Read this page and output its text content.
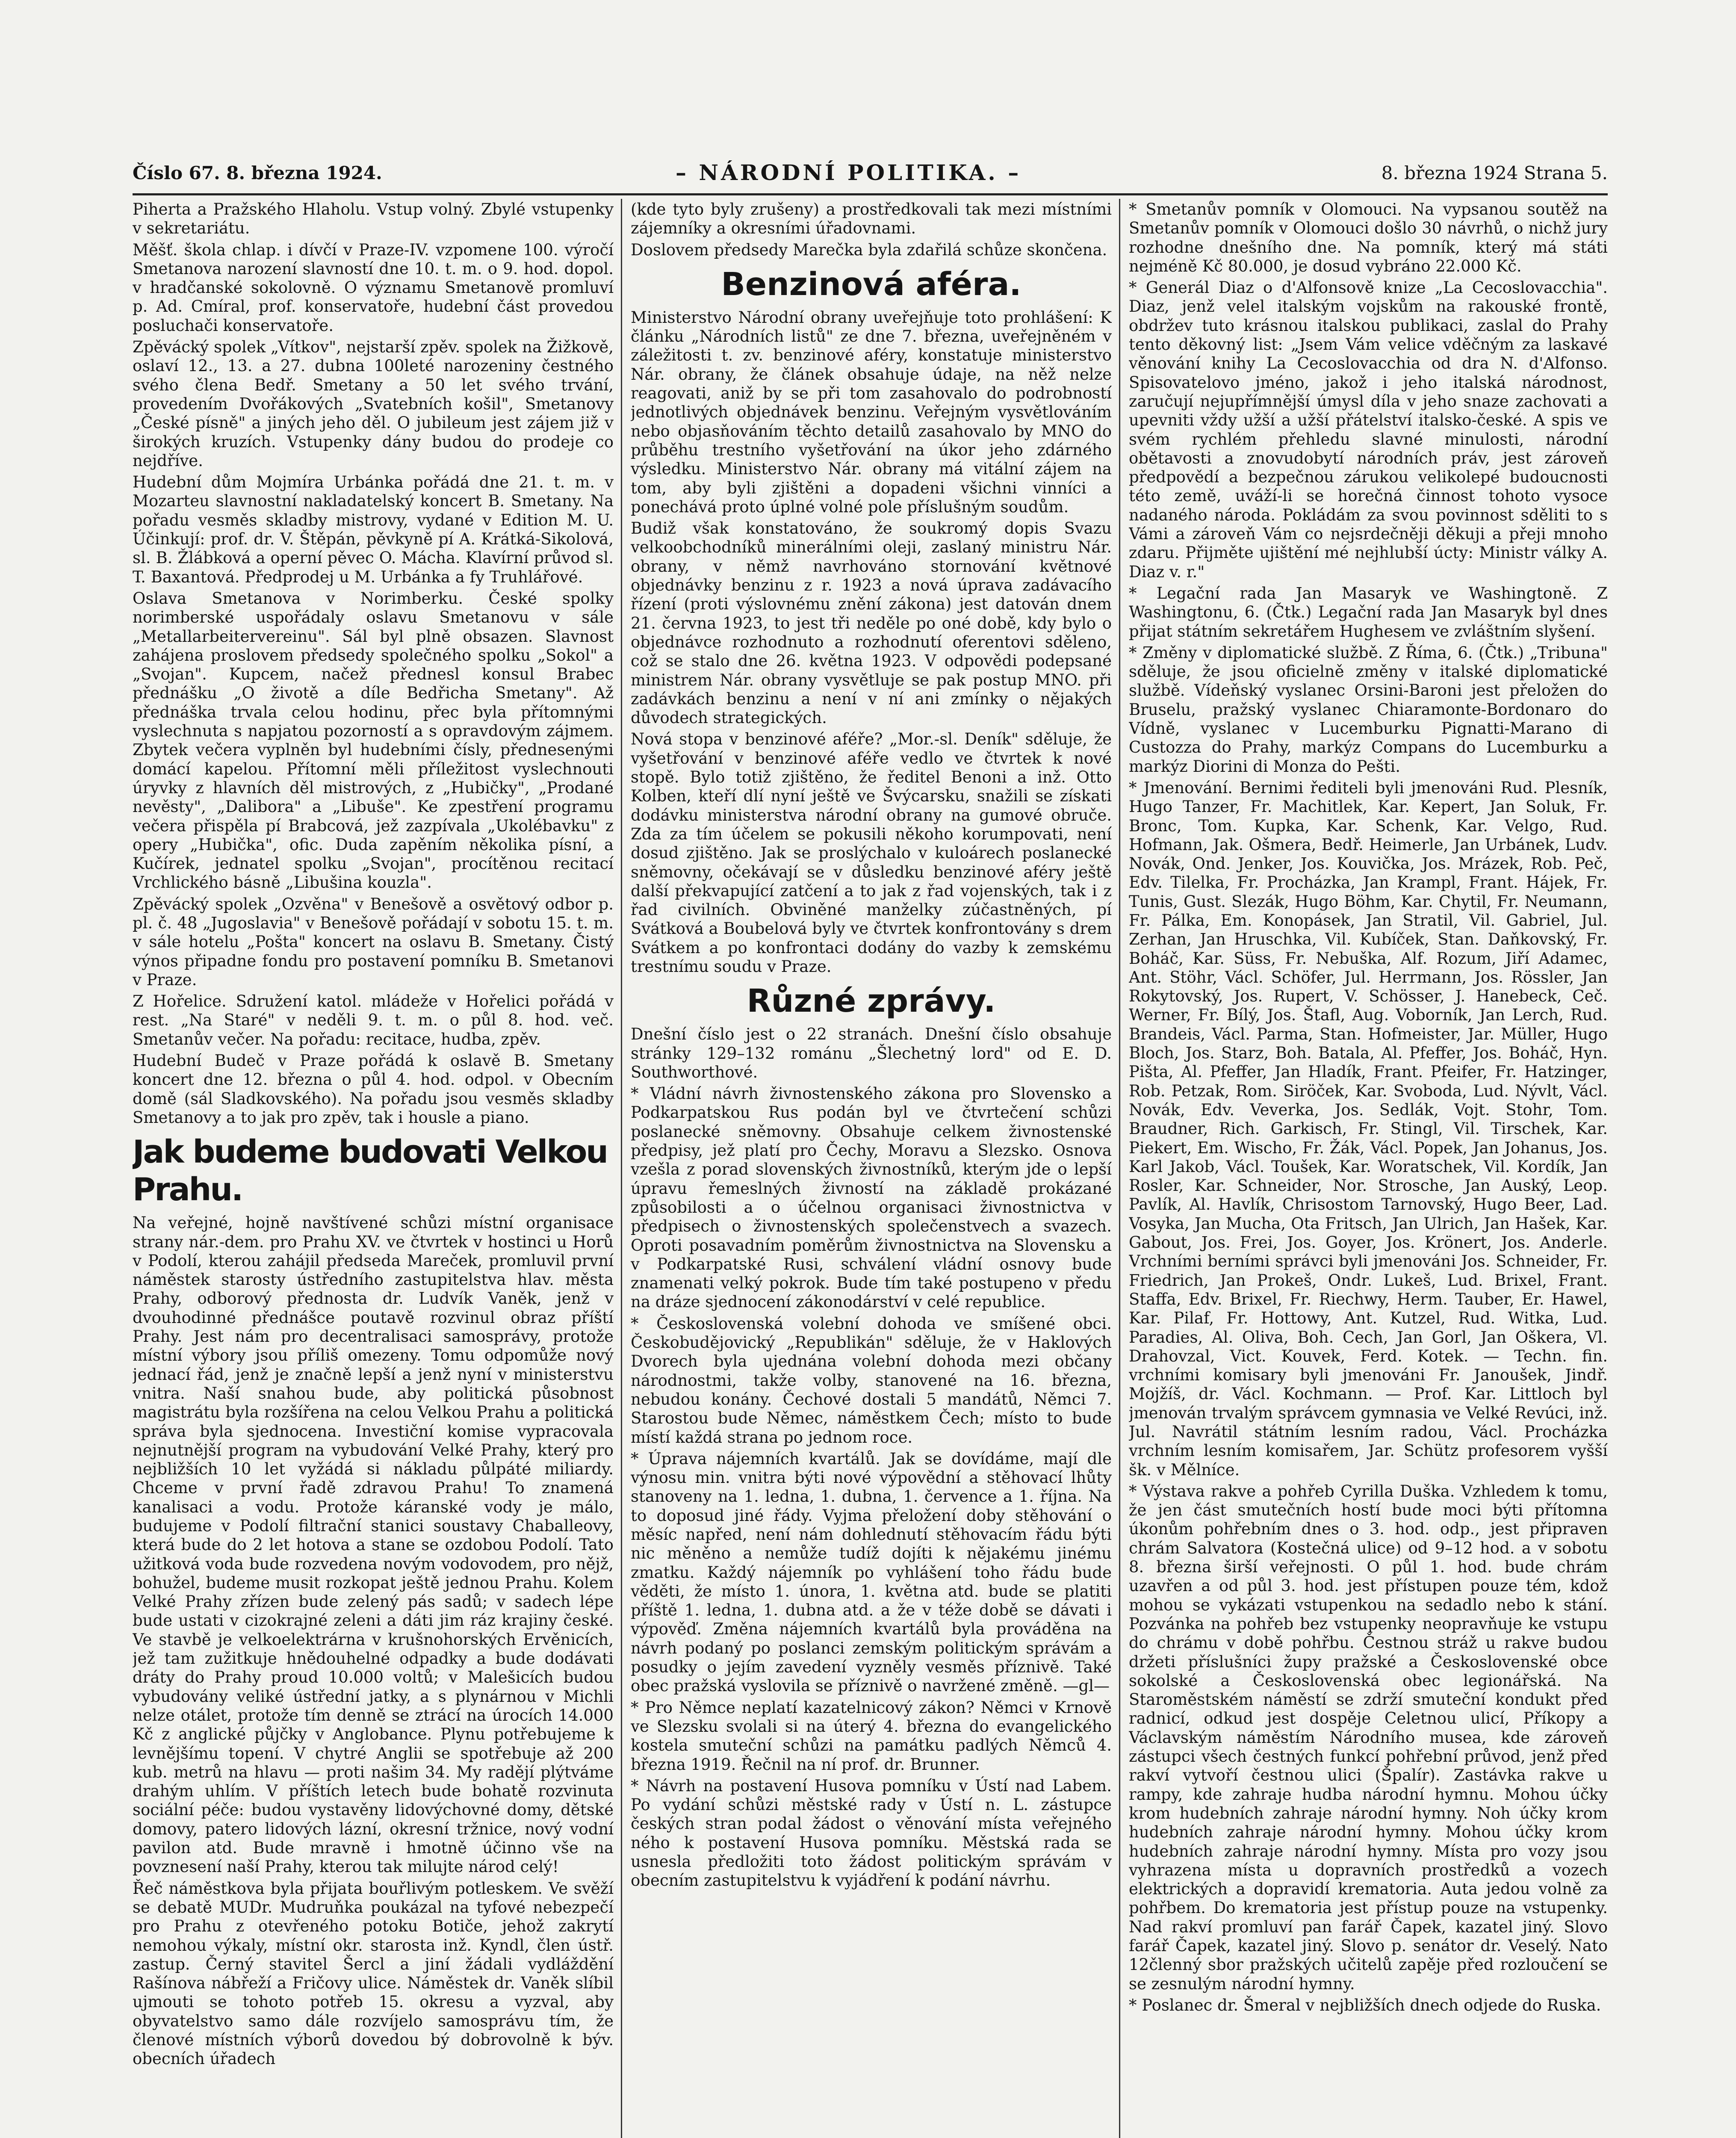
Číslo 67. 8. března 1924.	– NÁRODNÍ POLITIKA. –	8. března 1924 Strana 5.

Piherta a Pražského Hlaholu. Vstup volný. Zbylé vstupenky v sekretariátu.

Měšť. škola chlap. i dívčí v Praze-IV. vzpomene 100. výročí Smetanova narození slavností dne 10. t. m. o 9. hod. dopol. v hradčanské sokolovně. O významu Smetanově promluví p. Ad. Cmíral, prof. konservatoře, hudební část provedou posluchači konservatoře.

Zpěvácký spolek „Vítkov", nejstarší zpěv. spolek na Žižkově, oslaví 12., 13. a 27. dubna 100leté narozeniny čestného svého člena Bedř. Smetany a 50 let svého trvání, provedením Dvořákových „Svatebních košil", Smetanovy „České písně" a jiných jeho děl. O jubileum jest zájem již v širokých kruzích. Vstupenky dány budou do prodeje co nejdříve.

Hudební dům Mojmíra Urbánka pořádá dne 21. t. m. v Mozarteu slavnostní nakladatelský koncert B. Smetany. Na pořadu vesměs skladby mistrovy, vydané v Edition M. U. Účinkují: prof. dr. V. Štěpán, pěvkyně pí A. Krátká-Sikolová, sl. B. Žlábková a operní pěvec O. Mácha. Klavírní průvod sl. T. Baxantová. Předprodej u M. Urbánka a fy Truhlářové.

Oslava Smetanova v Norimberku. České spolky norimberské uspořádaly oslavu Smetanovu v sále „Metallarbeitervereinu". Sál byl plně obsazen. Slavnost zahájena proslovem předsedy společného spolku „Sokol" a „Svojan". Kupcem, načež přednesl konsul Brabec přednášku „O životě a díle Bedřicha Smetany". Až přednáška trvala celou hodinu, přec byla přítomnými vyslechnuta s napjatou pozorností a s opravdovým zájmem. Zbytek večera vyplněn byl hudebními čísly, přednesenými domácí kapelou. Přítomní měli příležitost vyslechnouti úryvky z hlavních děl mistrových, z „Hubičky", „Prodané nevěsty", „Dalibora" a „Libuše". Ke zpestření programu večera přispěla pí Brabcová, jež zazpívala „Ukolébavku" z opery „Hubička", ofic. Duda zapěním několika písní, a Kučírek, jednatel spolku „Svojan", procítěnou recitací Vrchlického básně „Libušina kouzla".

Zpěvácký spolek „Ozvěna" v Benešově a osvětový odbor p. pl. č. 48 „Jugoslavia" v Benešově pořádají v sobotu 15. t. m. v sále hotelu „Pošta" koncert na oslavu B. Smetany. Čistý výnos připadne fondu pro postavení pomníku B. Smetanovi v Praze.

Z Hořelice. Sdružení katol. mládeže v Hořelici pořádá v rest. „Na Staré" v neděli 9. t. m. o půl 8. hod. več. Smetanův večer. Na pořadu: recitace, hudba, zpěv.

Hudební Budeč v Praze pořádá k oslavě B. Smetany koncert dne 12. března o půl 4. hod. odpol. v Obecním domě (sál Sladkovského). Na pořadu jsou vesměs skladby Smetanovy a to jak pro zpěv, tak i housle a piano.

Jak budeme budovati Velkou Prahu.

Na veřejné, hojně navštívené schůzi místní organisace strany nár.-dem. pro Prahu XV. ve čtvrtek v hostinci u Horů v Podolí, kterou zahájil předseda Mareček, promluvil první náměstek starosty ústředního zastupitelstva hlav. města Prahy, odborový přednosta dr. Ludvík Vaněk, jenž v dvouhodinné přednášce poutavě rozvinul obraz příští Prahy. Jest nám pro decentralisaci samosprávy, protože místní výbory jsou příliš omezeny. Tomu odpomůže nový jednací řád, jenž je značně lepší a jenž nyní v ministerstvu vnitra. Naší snahou bude, aby politická působnost magistrátu byla rozšířena na celou Velkou Prahu a politická správa byla sjednocena. Investiční komise vypracovala nejnutnější program na vybudování Velké Prahy, který pro nejbližších 10 let vyžádá si nákladu půlpáté miliardy. Chceme v první řadě zdravou Prahu! To znamená kanalisaci a vodu. Protože káranské vody je málo, budujeme v Podolí filtrační stanici soustavy Chaballeovy, která bude do 2 let hotova a stane se ozdobou Podolí. Tato užitková voda bude rozvedena novým vodovodem, pro nějž, bohužel, budeme musit rozkopat ještě jednou Prahu. Kolem Velké Prahy zřízen bude zelený pás sadů; v sadech lépe bude ustati v cizokrajné zeleni a dáti jim ráz krajiny české. Ve stavbě je velkoelektrárna v krušnohorských Ervěnicích, jež tam zužitkuje hnědouhelné odpadky a bude dodávati dráty do Prahy proud 10.000 voltů; v Malešicích budou vybudovány veliké ústřední jatky, a s plynárnou v Michli nelze otálet, protože tím denně se ztrácí na úrocích 14.000 Kč z anglické půjčky v Anglobance. Plynu potřebujeme k levnějšímu topení. V chytré Anglii se spotřebuje až 200 kub. metrů na hlavu — proti našim 34. My radějí plýtváme drahým uhlím. V příštích letech bude bohatě rozvinuta sociální péče: budou vystavěny lidovýchovné domy, dětské domovy, patero lidových lázní, okresní tržnice, nový vodní pavilon atd. Bude mravně i hmotně účinno vše na povznesení naší Prahy, kterou tak milujte národ celý!

Řeč náměstkova byla přijata bouřlivým potleskem. Ve svěží se debatě MUDr. Mudruňka poukázal na tyfové nebezpečí pro Prahu z otevřeného potoku Botiče, jehož zakrytí nemohou výkaly, místní okr. starosta inž. Kyndl, člen ústř. zastup. Černý stavitel Šercl a jiní žádali vydláždění Rašínova nábřeží a Fričovy ulice. Náměstek dr. Vaněk slíbil ujmouti se tohoto potřeb 15. okresu a vyzval, aby obyvatelstvo samo dále rozvíjelo samosprávu tím, že členové místních výborů dovedou bý dobrovolně k býv. obecních úřadech

(kde tyto byly zrušeny) a prostředkovali tak mezi místními zájemníky a okresními úřadovnami.

Doslovem předsedy Marečka byla zdařilá schůze skončena.

Benzinová aféra.

Ministerstvo Národní obrany uveřejňuje toto prohlášení: K článku „Národních listů" ze dne 7. března, uveřejněném v záležitosti t. zv. benzinové aféry, konstatuje ministerstvo Nár. obrany, že článek obsahuje údaje, na něž nelze reagovati, aniž by se při tom zasahovalo do podrobností jednotlivých objednávek benzinu. Veřejným vysvětlováním nebo objasňováním těchto detailů zasahovalo by MNO do průběhu trestního vyšetřování na úkor jeho zdárného výsledku. Ministerstvo Nár. obrany má vitální zájem na tom, aby byli zjištěni a dopadeni všichni vinníci a ponechává proto úplné volné pole příslušným soudům.

Budiž však konstatováno, že soukromý dopis Svazu velkoobchodníků minerálními oleji, zaslaný ministru Nár. obrany, v němž navrhováno stornování květnové objednávky benzinu z r. 1923 a nová úprava zadávacího řízení (proti výslovnému znění zákona) jest datován dnem 21. června 1923, to jest tři neděle po oné době, kdy bylo o objednávce rozhodnuto a rozhodnutí oferentovi sděleno, což se stalo dne 26. května 1923. V odpovědi podepsané ministrem Nár. obrany vysvětluje se pak postup MNO. při zadávkách benzinu a není v ní ani zmínky o nějakých důvodech strategických.

Nová stopa v benzinové aféře? „Mor.-sl. Deník" sděluje, že vyšetřování v benzinové aféře vedlo ve čtvrtek k nové stopě. Bylo totiž zjištěno, že ředitel Benoni a inž. Otto Kolben, kteří dlí nyní ještě ve Švýcarsku, snažili se získati dodávku ministerstva národní obrany na gumové obruče. Zda za tím účelem se pokusili někoho korumpovati, není dosud zjištěno. Jak se proslýchalo v kuloárech poslanecké sněmovny, očekávají se v důsledku benzinové aféry ještě další překvapující zatčení a to jak z řad vojenských, tak i z řad civilních. Obviněné manželky zúčastněných, pí Svátková a Boubelová byly ve čtvrtek konfrontovány s drem Svátkem a po konfrontaci dodány do vazby k zemskému trestnímu soudu v Praze.

Různé zprávy.

Dnešní číslo jest o 22 stranách. Dnešní číslo obsahuje stránky 129–132 románu „Šlechetný lord" od E. D. Southworthové.

* Vládní návrh živnostenského zákona pro Slovensko a Podkarpatskou Rus podán byl ve čtvrtečení schůzi poslanecké sněmovny. Obsahuje celkem živnostenské předpisy, jež platí pro Čechy, Moravu a Slezsko. Osnova vzešla z porad slovenských živnostníků, kterým jde o lepší úpravu řemeslných živností na základě prokázané způsobilosti a o účelnou organisaci živnostnictva v předpisech o živnostenských společenstvech a svazech. Oproti posavadním poměrům živnostnictva na Slovensku a v Podkarpatské Rusi, schválení vládní osnovy bude znamenati velký pokrok. Bude tím také postupeno v předu na dráze sjednocení zákonodárství v celé republice.

* Československá volební dohoda ve smíšené obci. Českobudějovický „Republikán" sděluje, že v Haklových Dvorech byla ujednána volební dohoda mezi občany národnostmi, takže volby, stanovené na 16. března, nebudou konány. Čechové dostali 5 mandátů, Němci 7. Starostou bude Němec, náměstkem Čech; místo to bude místí každá strana po jednom roce.

* Úprava nájemních kvartálů. Jak se dovídáme, mají dle výnosu min. vnitra býti nové výpovědní a stěhovací lhůty stanoveny na 1. ledna, 1. dubna, 1. července a 1. října. Na to doposud jiné řády. Vyjma přeložení doby stěhování o měsíc napřed, není nám dohlednutí stěhovacím řádu býti nic měněno a nemůže tudíž dojíti k nějakému jinému zmatku. Každý nájemník po vyhlášení toho řádu bude věděti, že místo 1. února, 1. května atd. bude se platiti příště 1. ledna, 1. dubna atd. a že v téže době se dávati i výpověď. Změna nájemních kvartálů byla prováděna na návrh podaný po poslanci zemským politickým správám a posudky o jejím zavedení vyzněly vesměs příznivě. Také obec pražská vyslovila se příznivě o navržené změně. —gl—

* Pro Němce neplatí kazatelnicový zákon? Němci v Krnově ve Slezsku svolali si na úterý 4. března do evangelického kostela smuteční schůzi na památku padlých Němců 4. března 1919. Řečnil na ní prof. dr. Brunner.

* Návrh na postavení Husova pomníku v Ústí nad Labem. Po vydání schůzi městské rady v Ústí n. L. zástupce českých stran podal žádost o věnování místa veřejného ného k postavení Husova pomníku. Městská rada se usnesla předložiti toto žádost politickým správám v obecním zastupitelstvu k vyjádření k podání návrhu.

* Smetanův pomník v Olomouci. Na vypsanou soutěž na Smetanův pomník v Olomouci došlo 30 návrhů, o nichž jury rozhodne dnešního dne. Na pomník, který má státi nejméně Kč 80.000, je dosud vybráno 22.000 Kč.

* Generál Diaz o d'Alfonsově knize „La Cecoslovacchia". Diaz, jenž velel italským vojskům na rakouské frontě, obdržev tuto krásnou italskou publikaci, zaslal do Prahy tento děkovný list: „Jsem Vám velice vděčným za laskavé věnování knihy La Cecoslovacchia od dra N. d'Alfonso. Spisovatelovo jméno, jakož i jeho italská národnost, zaručují nejupřímnější úmysl díla v jeho snaze zachovati a upevniti vždy užší a užší přátelství italsko-české. A spis ve svém rychlém přehledu slavné minulosti, národní obětavosti a znovudobytí národních práv, jest zároveň předpovědí a bezpečnou zárukou velikolepé budoucnosti této země, uváží-li se horečná činnost tohoto vysoce nadaného národa. Pokládám za svou povinnost sděliti to s Vámi a zároveň Vám co nejsrdečněji děkuji a přeji mnoho zdaru. Přijměte ujištění mé nejhlubší úcty: Ministr války A. Diaz v. r."

* Legační rada Jan Masaryk ve Washingtoně. Z Washingtonu, 6. (Čtk.) Legační rada Jan Masaryk byl dnes přijat státním sekretářem Hughesem ve zvláštním slyšení.

* Změny v diplomatické službě. Z Říma, 6. (Čtk.) „Tribuna" sděluje, že jsou oficielně změny v italské diplomatické službě. Vídeňský vyslanec Orsini-Baroni jest přeložen do Bruselu, pražský vyslanec Chiaramonte-Bordonaro do Vídně, vyslanec v Lucemburku Pignatti-Marano di Custozza do Prahy, markýz Compans do Lucemburku a markýz Diorini di Monza do Pešti.

* Jmenování. Bernimi řediteli byli jmenováni Rud. Plesník, Hugo Tanzer, Fr. Machitlek, Kar. Kepert, Jan Soluk, Fr. Bronc, Tom. Kupka, Kar. Schenk, Kar. Velgo, Rud. Hofmann, Jak. Ošmera, Bedř. Heimerle, Jan Urbánek, Ludv. Novák, Ond. Jenker, Jos. Kouvička, Jos. Mrázek, Rob. Peč, Edv. Tilelka, Fr. Procházka, Jan Krampl, Frant. Hájek, Fr. Tunis, Gust. Slezák, Hugo Böhm, Kar. Chytil, Fr. Neumann, Fr. Pálka, Em. Konopásek, Jan Stratil, Vil. Gabriel, Jul. Zerhan, Jan Hruschka, Vil. Kubíček, Stan. Daňkovský, Fr. Boháč, Kar. Süss, Fr. Nebuška, Alf. Rozum, Jiří Adamec, Ant. Stöhr, Václ. Schöfer, Jul. Herrmann, Jos. Rössler, Jan Rokytovský, Jos. Rupert, V. Schösser, J. Hanebeck, Ceč. Werner, Fr. Bílý, Jos. Štafl, Aug. Voborník, Jan Lerch, Rud. Brandeis, Václ. Parma, Stan. Hofmeister, Jar. Müller, Hugo Bloch, Jos. Starz, Boh. Batala, Al. Pfeffer, Jos. Boháč, Hyn. Pišta, Al. Pfeffer, Jan Hladík, Frant. Pfeifer, Fr. Hatzinger, Rob. Petzak, Rom. Siröček, Kar. Svoboda, Lud. Nývlt, Václ. Novák, Edv. Veverka, Jos. Sedlák, Vojt. Stohr, Tom. Braudner, Rich. Garkisch, Fr. Stingl, Vil. Tirschek, Kar. Piekert, Em. Wischo, Fr. Žák, Václ. Popek, Jan Johanus, Jos. Karl Jakob, Václ. Toušek, Kar. Woratschek, Vil. Kordík, Jan Rosler, Kar. Schneider, Nor. Strosche, Jan Auský, Leop. Pavlík, Al. Havlík, Chrisostom Tarnovský, Hugo Beer, Lad. Vosyka, Jan Mucha, Ota Fritsch, Jan Ulrich, Jan Hašek, Kar. Gabout, Jos. Frei, Jos. Goyer, Jos. Krönert, Jos. Anderle. Vrchními berními správci byli jmenováni Jos. Schneider, Fr. Friedrich, Jan Prokeš, Ondr. Lukeš, Lud. Brixel, Frant. Staffa, Edv. Brixel, Fr. Riechwy, Herm. Tauber, Er. Hawel, Kar. Pilaf, Fr. Hottowy, Ant. Kutzel, Rud. Witka, Lud. Paradies, Al. Oliva, Boh. Cech, Jan Gorl, Jan Oškera, Vl. Drahovzal, Vict. Kouvek, Ferd. Kotek. — Techn. fin. vrchními komisary byli jmenováni Fr. Janoušek, Jindř. Mojžíš, dr. Václ. Kochmann. — Prof. Kar. Littloch byl jmenován trvalým správcem gymnasia ve Velké Revúci, inž. Jul. Navrátil státním lesním radou, Václ. Procházka vrchním lesním komisařem, Jar. Schütz profesorem vyšší šk. v Mělníce.

* Výstava rakve a pohřeb Cyrilla Duška. Vzhledem k tomu, že jen část smutečních hostí bude moci býti přítomna úkonům pohřebním dnes o 3. hod. odp., jest připraven chrám Salvatora (Kostečná ulice) od 9–12 hod. a v sobotu 8. března širší veřejnosti. O půl 1. hod. bude chrám uzavřen a od půl 3. hod. jest přístupen pouze tém, kdož mohou se vykázati vstupenkou na sedadlo nebo k stání. Pozvánka na pohřeb bez vstupenky neopravňuje ke vstupu do chrámu v době pohřbu. Čestnou stráž u rakve budou držeti příslušníci župy pražské a Československé obce sokolské a Československá obec legionářská. Na Staroměstském náměstí se zdrží smuteční kondukt před radnicí, odkud jest dospěje Celetnou ulicí, Příkopy a Václavským náměstím Národního musea, kde zároveň zástupci všech čestných funkcí pohřební průvod, jenž před rakví vytvoří čestnou ulici (Špalír). Zastávka rakve u rampy, kde zahraje hudba národní hymnu. Mohou účky krom hudebních zahraje národní hymny. Noh účky krom hudebních zahraje národní hymny. Mohou účky krom hudebních zahraje národní hymny. Místa pro vozy jsou vyhrazena místa u dopravních prostředků a vozech elektrických a dopravidí krematoria. Auta jedou volně za pohřbem. Do krematoria jest přístup pouze na vstupenky. Nad rakví promluví pan farář Čapek, kazatel jiný. Slovo farář Čapek, kazatel jiný. Slovo p. senátor dr. Veselý. Nato 12členný sbor pražských učitelů zapěje před rozloučení se se zesnulým národní hymny.

* Poslanec dr. Šmeral v nejbližších dnech odjede do Ruska.
